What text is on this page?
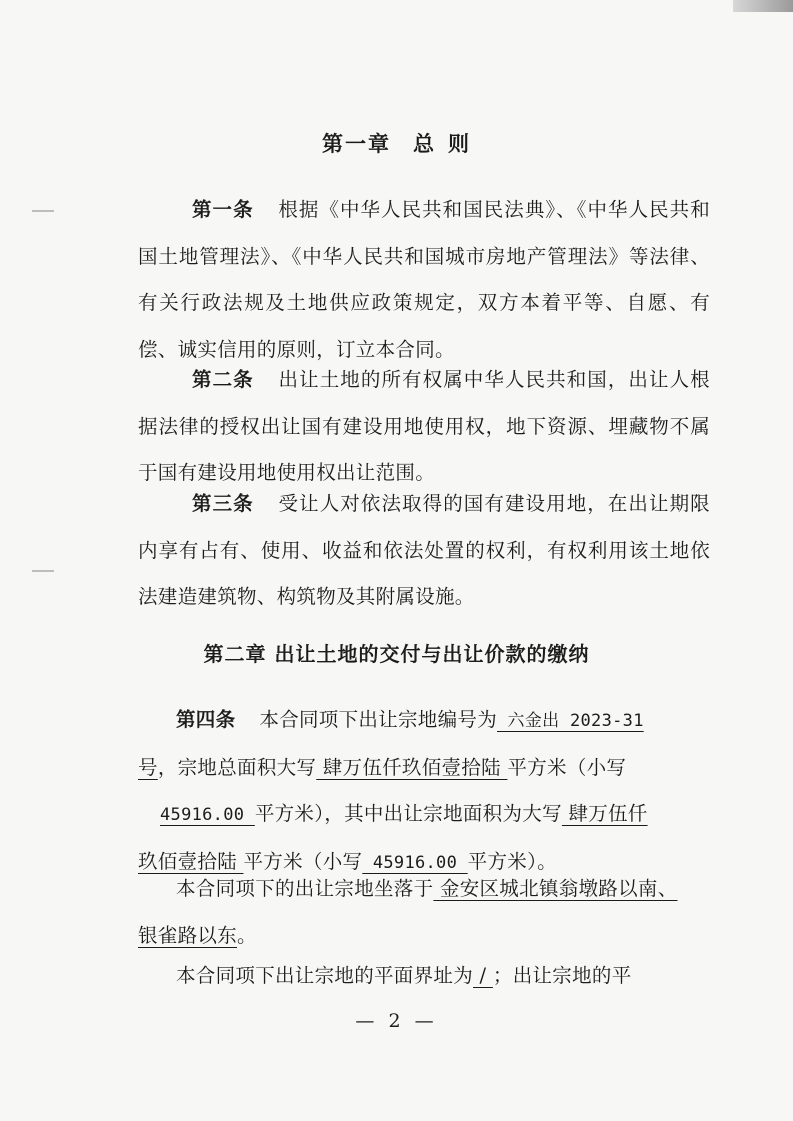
第一章 总 则
第一条 根据《中华人民共和国民法典》、《中华人民共和国土地管理法》、《中华人民共和国城市房地产管理法》等法律、有关行政法规及土地供应政策规定，双方本着平等、自愿、有偿、诚实信用的原则，订立本合同。
第二条 出让土地的所有权属中华人民共和国，出让人根据法律的授权出让国有建设用地使用权，地下资源、埋藏物不属于国有建设用地使用权出让范围。
第三条 受让人对依法取得的国有建设用地，在出让期限内享有占有、使用、收益和依法处置的权利，有权利用该土地依法建造建筑物、构筑物及其附属设施。
第二章 出让土地的交付与出让价款的缴纳
第四条 本合同项下出让宗地编号为 六金出 2023-31
号，宗地总面积大写 肆万伍仟玖佰壹拾陆 平方米（小写
45916.00 平方米），其中出让宗地面积为大写 肆万伍仟
玖佰壹拾陆 平方米（小写 45916.00 平方米）。
本合同项下的出让宗地坐落于 金安区城北镇翁墩路以南、
银雀路以东。
本合同项下出让宗地的平面界址为 / ；出让宗地的平
— 2 —
